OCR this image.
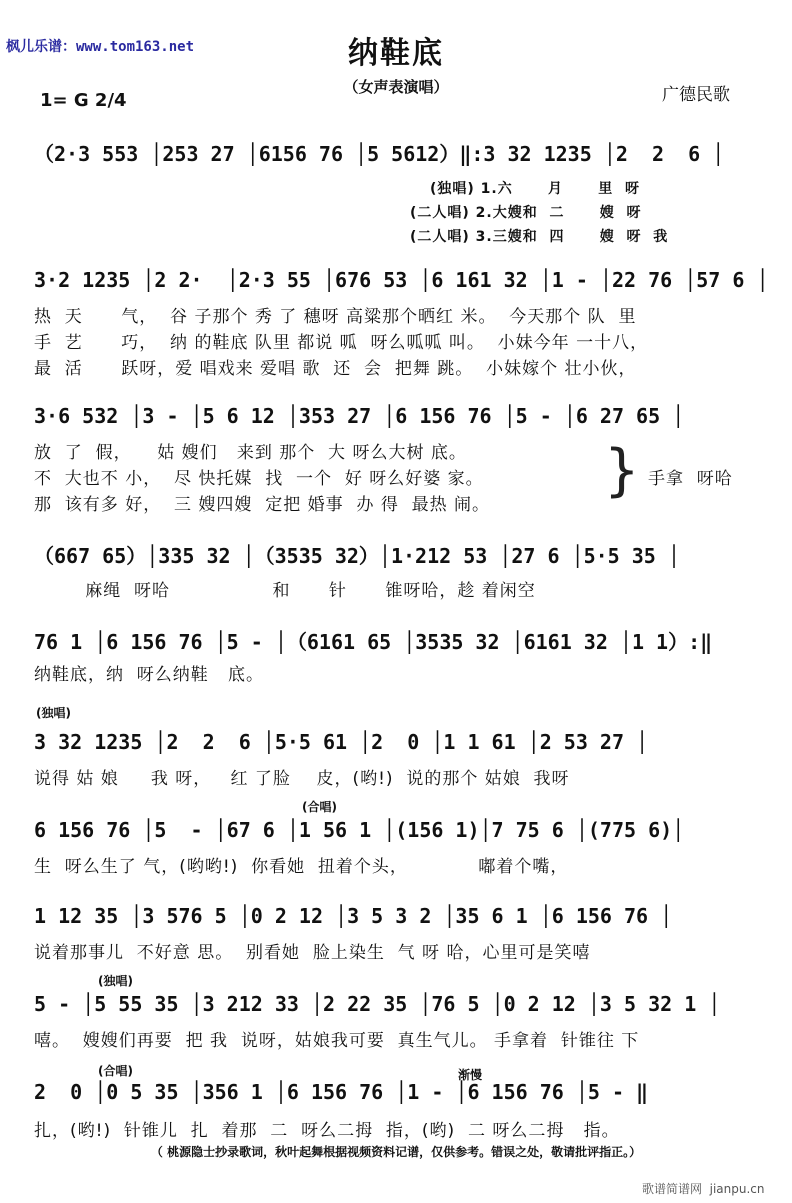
枫儿乐谱：www.tom163.net	纳鞋底
（女声表演唱）
1= G 2/4	广德民歌
（2·3 553 │253 27 │6156 76 │5 5612）‖:3 32 1235 │2  2  6 │
(独唱) 1.六      月      里  呀
(二人唱) 2.大嫂和  二      嫂  呀
(二人唱) 3.三嫂和  四      嫂  呀  我
3·2 1235 │2 2·  │2·3 55 │676 53 │6 161 32 │1 - │22 76 │57 6 │
热  天      气，  谷 子那个 秀 了 穗呀 高粱那个晒红 米。  今天那个 队  里
手  艺      巧，  纳 的鞋底 队里 都说 呱  呀么呱呱 叫。  小妹今年 一十八，
最  活      跃呀，爱 唱戏来 爱唱 歌  还  会  把舞 跳。  小妹嫁个 壮小伙，
3·6 532 │3 - │5 6 12 │353 27 │6 156 76 │5 - │6 27 65 │
放  了  假，    姑 嫂们   来到 那个  大 呀么大树 底。
不  大也不 小，  尽 快托媒  找  一个  好 呀么好婆 家。
那  该有多 好，  三 嫂四嫂  定把 婚事  办 得  最热 闹。
} 手拿  呀哈
（667 65）│335 32 │（3535 32）│1·212 53 │27 6 │5·5 35 │
麻绳  呀哈                和      针      锥呀哈，趁 着闲空
76 1 │6 156 76 │5 - │（6161 65 │3535 32 │6161 32 │1 1）:‖
纳鞋底，纳  呀么纳鞋   底。
(独唱)
3 32 1235 │2  2  6 │5·5 61 │2  0 │1 1 61 │2 53 27 │
说得 姑 娘     我 呀，   红 了脸    皮，(哟!)  说的那个 姑娘  我呀
(合唱)
6 156 76 │5  - │67 6 │1 56 1 │(156 1)│7 75 6 │(775 6)│
生  呀么生了 气，(哟哟!)  你看她  扭着个头，           嘟着个嘴，
1 12 35 │3 576 5 │0 2 12 │3 5 3 2 │35 6 1 │6 156 76 │
说着那事儿  不好意 思。  别看她  脸上染生  气 呀 哈，心里可是笑嘻
(独唱)
5 - │5 55 35 │3 212 33 │2 22 35 │76 5 │0 2 12 │3 5 32 1 │
嘻。  嫂嫂们再要  把 我  说呀，姑娘我可要  真生气儿。 手拿着  针锥往 下
(合唱)	渐慢
2  0 │0 5 35 │356 1 │6 156 76 │1 - │6 156 76 │5 - ‖
扎，(哟!)  针锥儿  扎  着那  二  呀么二拇  指，(哟)  二 呀么二拇   指。
（ 桃源隐士抄录歌词，秋叶起舞根据视频资料记谱，仅供参考。错误之处，敬请批评指正。）
歌谱简谱网  jianpu.cn
